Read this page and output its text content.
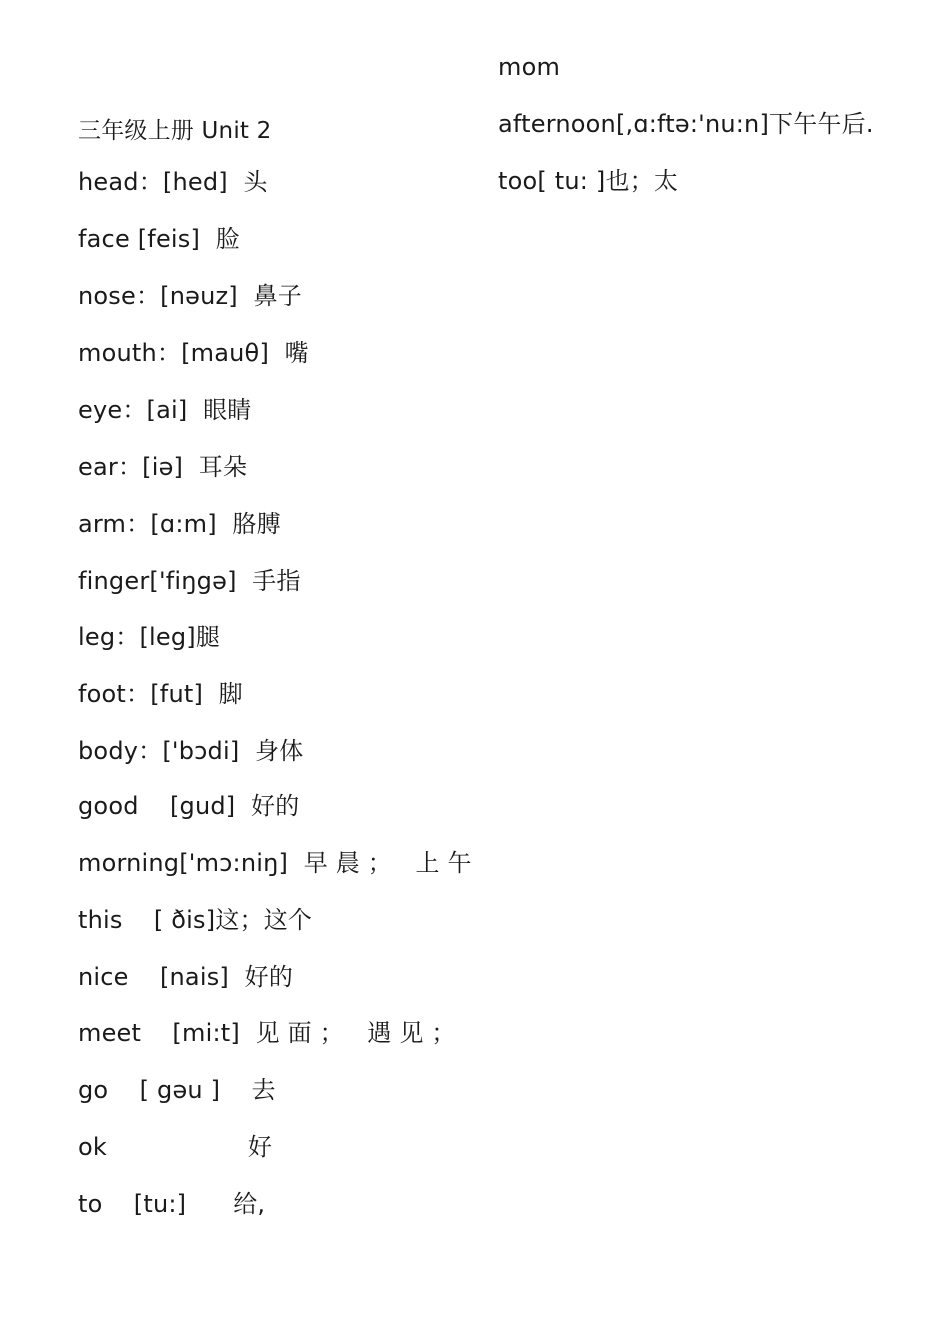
三年级上册 Unit 2
head：[hed]  头
face [feis]  脸
nose：[nəuz]  鼻子
mouth：[mauθ]  嘴
eye：[ai]  眼睛
ear：[iə]  耳朵
arm：[ɑ:m]  胳膊
finger['fiŋgə]  手指
leg：[leg]腿
foot：[fut]  脚
body：['bɔdi]  身体
good    [gud]  好的
morning['mɔ:niŋ]  早 晨 ；   上 午
this    [ ðis]这；这个
nice    [nais]  好的
meet    [mi:t]  见 面 ；   遇 见 ；
go    [ gəu ]    去
ok                  好
to    [tu:]      给,
mom
afternoon[,ɑ:ftə:'nu:n]下午午后.
too[ tu: ]也；太
